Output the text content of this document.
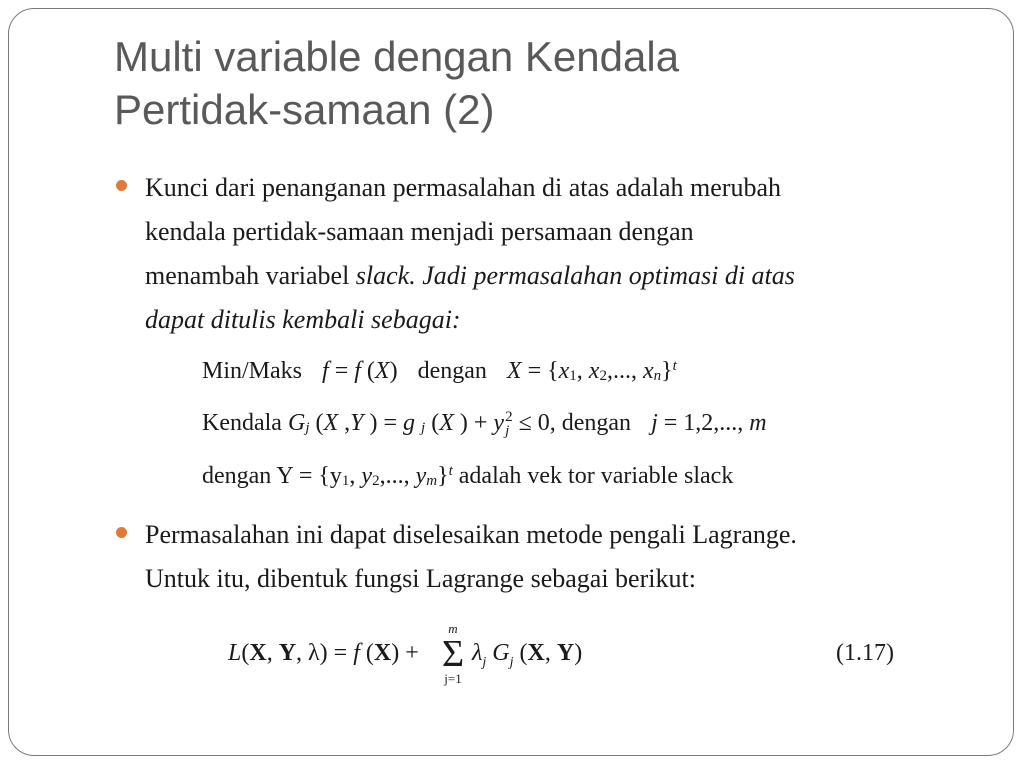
Multi variable dengan Kendala
Pertidak-samaan (2)
Kunci dari penanganan permasalahan di atas adalah merubah
kendala pertidak-samaan menjadi persamaan dengan
menambah variabel slack. Jadi permasalahan optimasi di atas
dapat ditulis kembali sebagai:
Min/Maks f = f (X) dengan $X = \{x_1$, $x_2$,..., $x_n\}^t$
Kendala $G_j$ (X ,Y ) = g $_j$ (X ) + y 2
j ≤ 0, dengan j = 1,2,..., m
dengan $Y = \{y_1$, $y_2$,..., $y_m\}^t$ adalah vek tor variable slack
Permasalahan ini dapat diselesaikan metode pengali Lagrange.
Untuk itu, dibentuk fungsi Lagrange sebagai berikut:
L(X, Y, λ) = f (X) +
m
Σ
j=1
$\lambda_j$ $G_j$ (X, Y)	(1.17)
